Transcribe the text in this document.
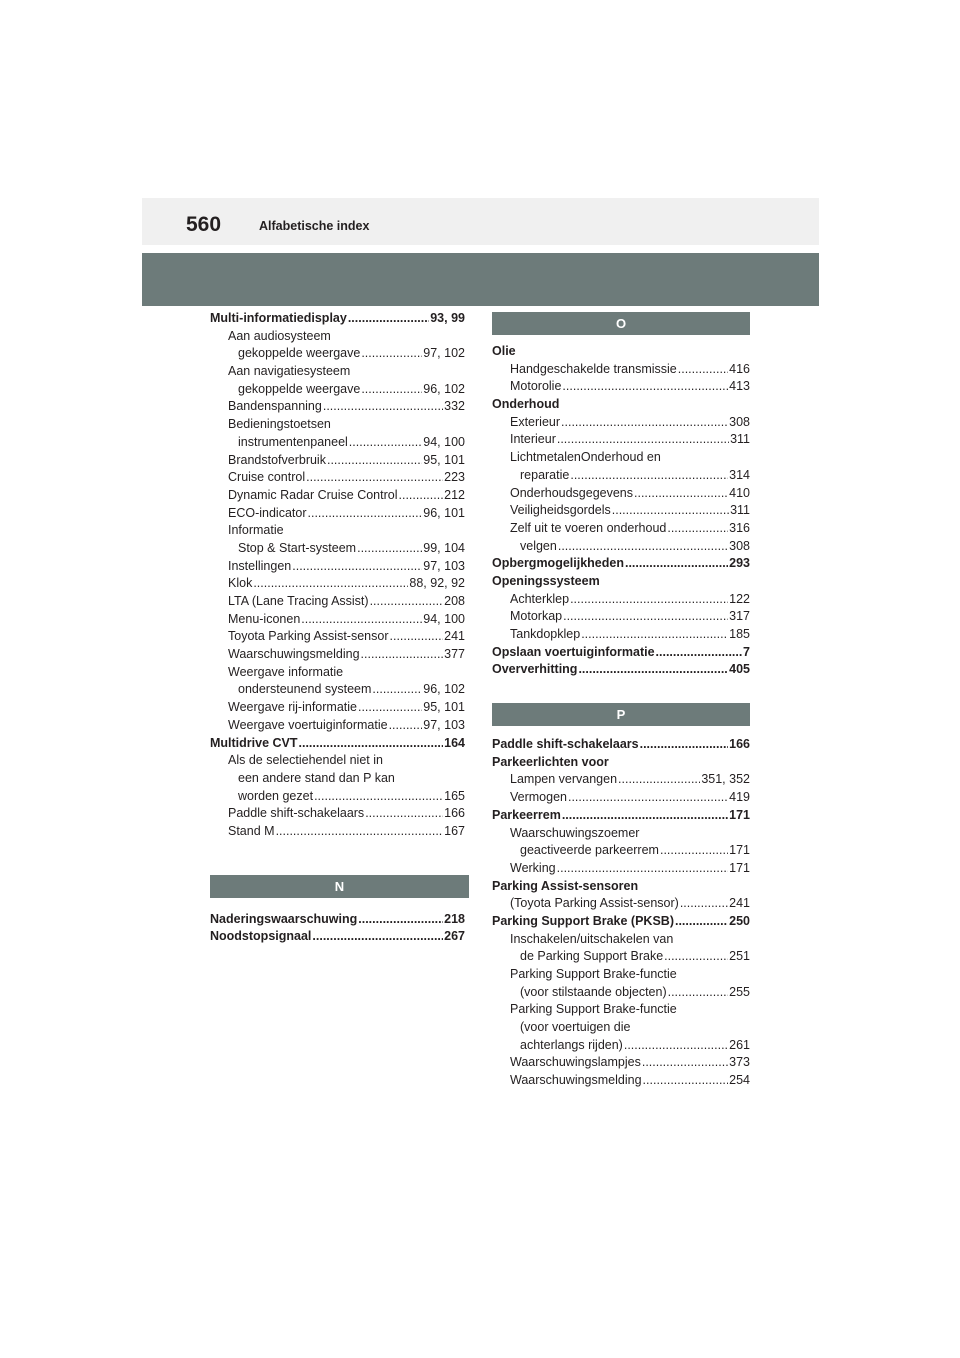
560	Alfabetische index
Multi-informatiedisplay .....	93, 99
Aan audiosysteem
gekoppelde weergave .....	97, 102
Aan navigatiesysteem
gekoppelde weergave .....	96, 102
Bandenspanning .....	332
Bedieningstoetsen
instrumentenpaneel .....	94, 100
Brandstofverbruik .....	95, 101
Cruise control .....	223
Dynamic Radar Cruise Control .....	212
ECO-indicator .....	96, 101
Informatie
Stop & Start-systeem .....	99, 104
Instellingen .....	97, 103
Klok .....	88, 92, 92
LTA (Lane Tracing Assist) .....	208
Menu-iconen .....	94, 100
Toyota Parking Assist-sensor .....	241
Waarschuwingsmelding .....	377
Weergave informatie
ondersteunend systeem .....	96, 102
Weergave rij-informatie .....	95, 101
Weergave voertuiginformatie .....	97, 103
Multidrive CVT .....	164
Als de selectiehendel niet in
een andere stand dan P kan
worden gezet .....	165
Paddle shift-schakelaars .....	166
Stand M .....	167
N
Naderingswaarschuwing .....	218
Noodstopsignaal .....	267
O
Olie
Handgeschakelde transmissie .....	416
Motorolie .....	413
Onderhoud
Exterieur .....	308
Interieur .....	311
LichtmetalenOnderhoud en
reparatie .....	314
Onderhoudsgegevens .....	410
Veiligheidsgordels .....	311
Zelf uit te voeren onderhoud .....	316
velgen .....	308
Opbergmogelijkheden .....	293
Openingssysteem
Achterklep .....	122
Motorkap .....	317
Tankdopklep .....	185
Opslaan voertuiginformatie .....	7
Oververhitting .....	405
P
Paddle shift-schakelaars .....	166
Parkeerlichten voor
Lampen vervangen .....	351, 352
Vermogen .....	419
Parkeerrem .....	171
Waarschuwingszoemer
geactiveerde parkeerrem .....	171
Werking .....	171
Parking Assist-sensoren
(Toyota Parking Assist-sensor) .....	241
Parking Support Brake (PKSB) .....	250
Inschakelen/uitschakelen van
de Parking Support Brake .....	251
Parking Support Brake-functie
(voor stilstaande objecten) .....	255
Parking Support Brake-functie
(voor voertuigen die
achterlangs rijden) .....	261
Waarschuwingslampjes .....	373
Waarschuwingsmelding .....	254
